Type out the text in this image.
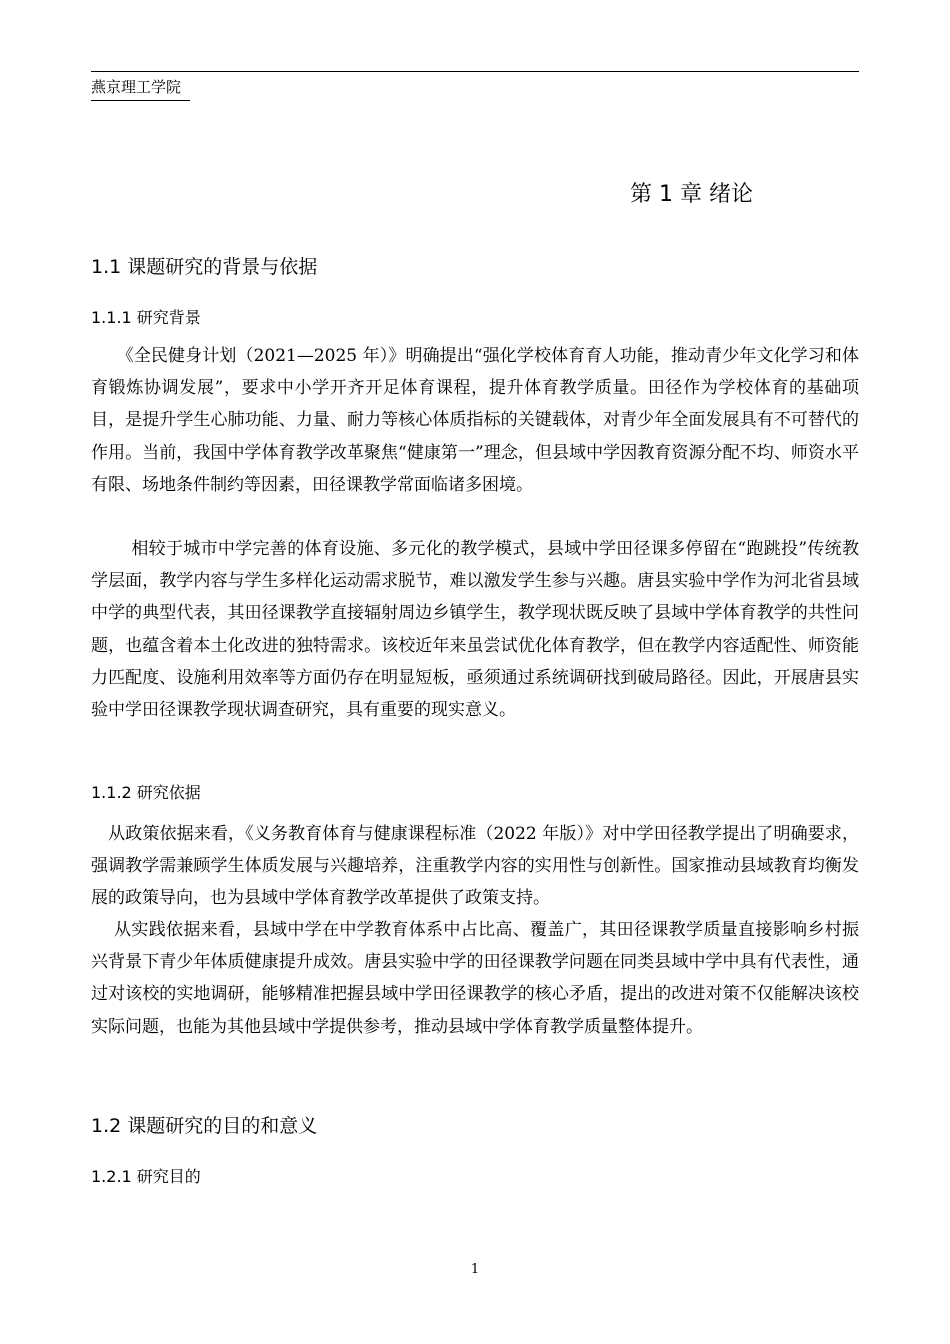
燕京理工学院
第 1 章 绪论
1.1 课题研究的背景与依据
1.1.1 研究背景
　　《全民健身计划（2021—2025 年）》明确提出“强化学校体育育人功能，推动青少年文化学习和体育锻炼协调发展”，要求中小学开齐开足体育课程，提升体育教学质量。田径作为学校体育的基础项目，是提升学生心肺功能、力量、耐力等核心体质指标的关键载体，对青少年全面发展具有不可替代的作用。当前，我国中学体育教学改革聚焦“健康第一”理念，但县域中学因教育资源分配不均、师资水平有限、场地条件制约等因素，田径课教学常面临诸多困境。
　　 相较于城市中学完善的体育设施、多元化的教学模式，县域中学田径课多停留在“跑跳投”传统教学层面，教学内容与学生多样化运动需求脱节，难以激发学生参与兴趣。唐县实验中学作为河北省县域中学的典型代表，其田径课教学直接辐射周边乡镇学生，教学现状既反映了县域中学体育教学的共性问题，也蕴含着本土化改进的独特需求。该校近年来虽尝试优化体育教学，但在教学内容适配性、师资能力匹配度、设施利用效率等方面仍存在明显短板，亟须通过系统调研找到破局路径。因此，开展唐县实验中学田径课教学现状调查研究，具有重要的现实意义。
1.1.2 研究依据
　从政策依据来看，《义务教育体育与健康课程标准（2022 年版）》对中学田径教学提出了明确要求，强调教学需兼顾学生体质发展与兴趣培养，注重教学内容的实用性与创新性。国家推动县域教育均衡发展的政策导向，也为县域中学体育教学改革提供了政策支持。
　 从实践依据来看，县域中学在中学教育体系中占比高、覆盖广，其田径课教学质量直接影响乡村振兴背景下青少年体质健康提升成效。唐县实验中学的田径课教学问题在同类县域中学中具有代表性，通过对该校的实地调研，能够精准把握县域中学田径课教学的核心矛盾，提出的改进对策不仅能解决该校实际问题，也能为其他县域中学提供参考，推动县域中学体育教学质量整体提升。
1.2 课题研究的目的和意义
1.2.1 研究目的
1
